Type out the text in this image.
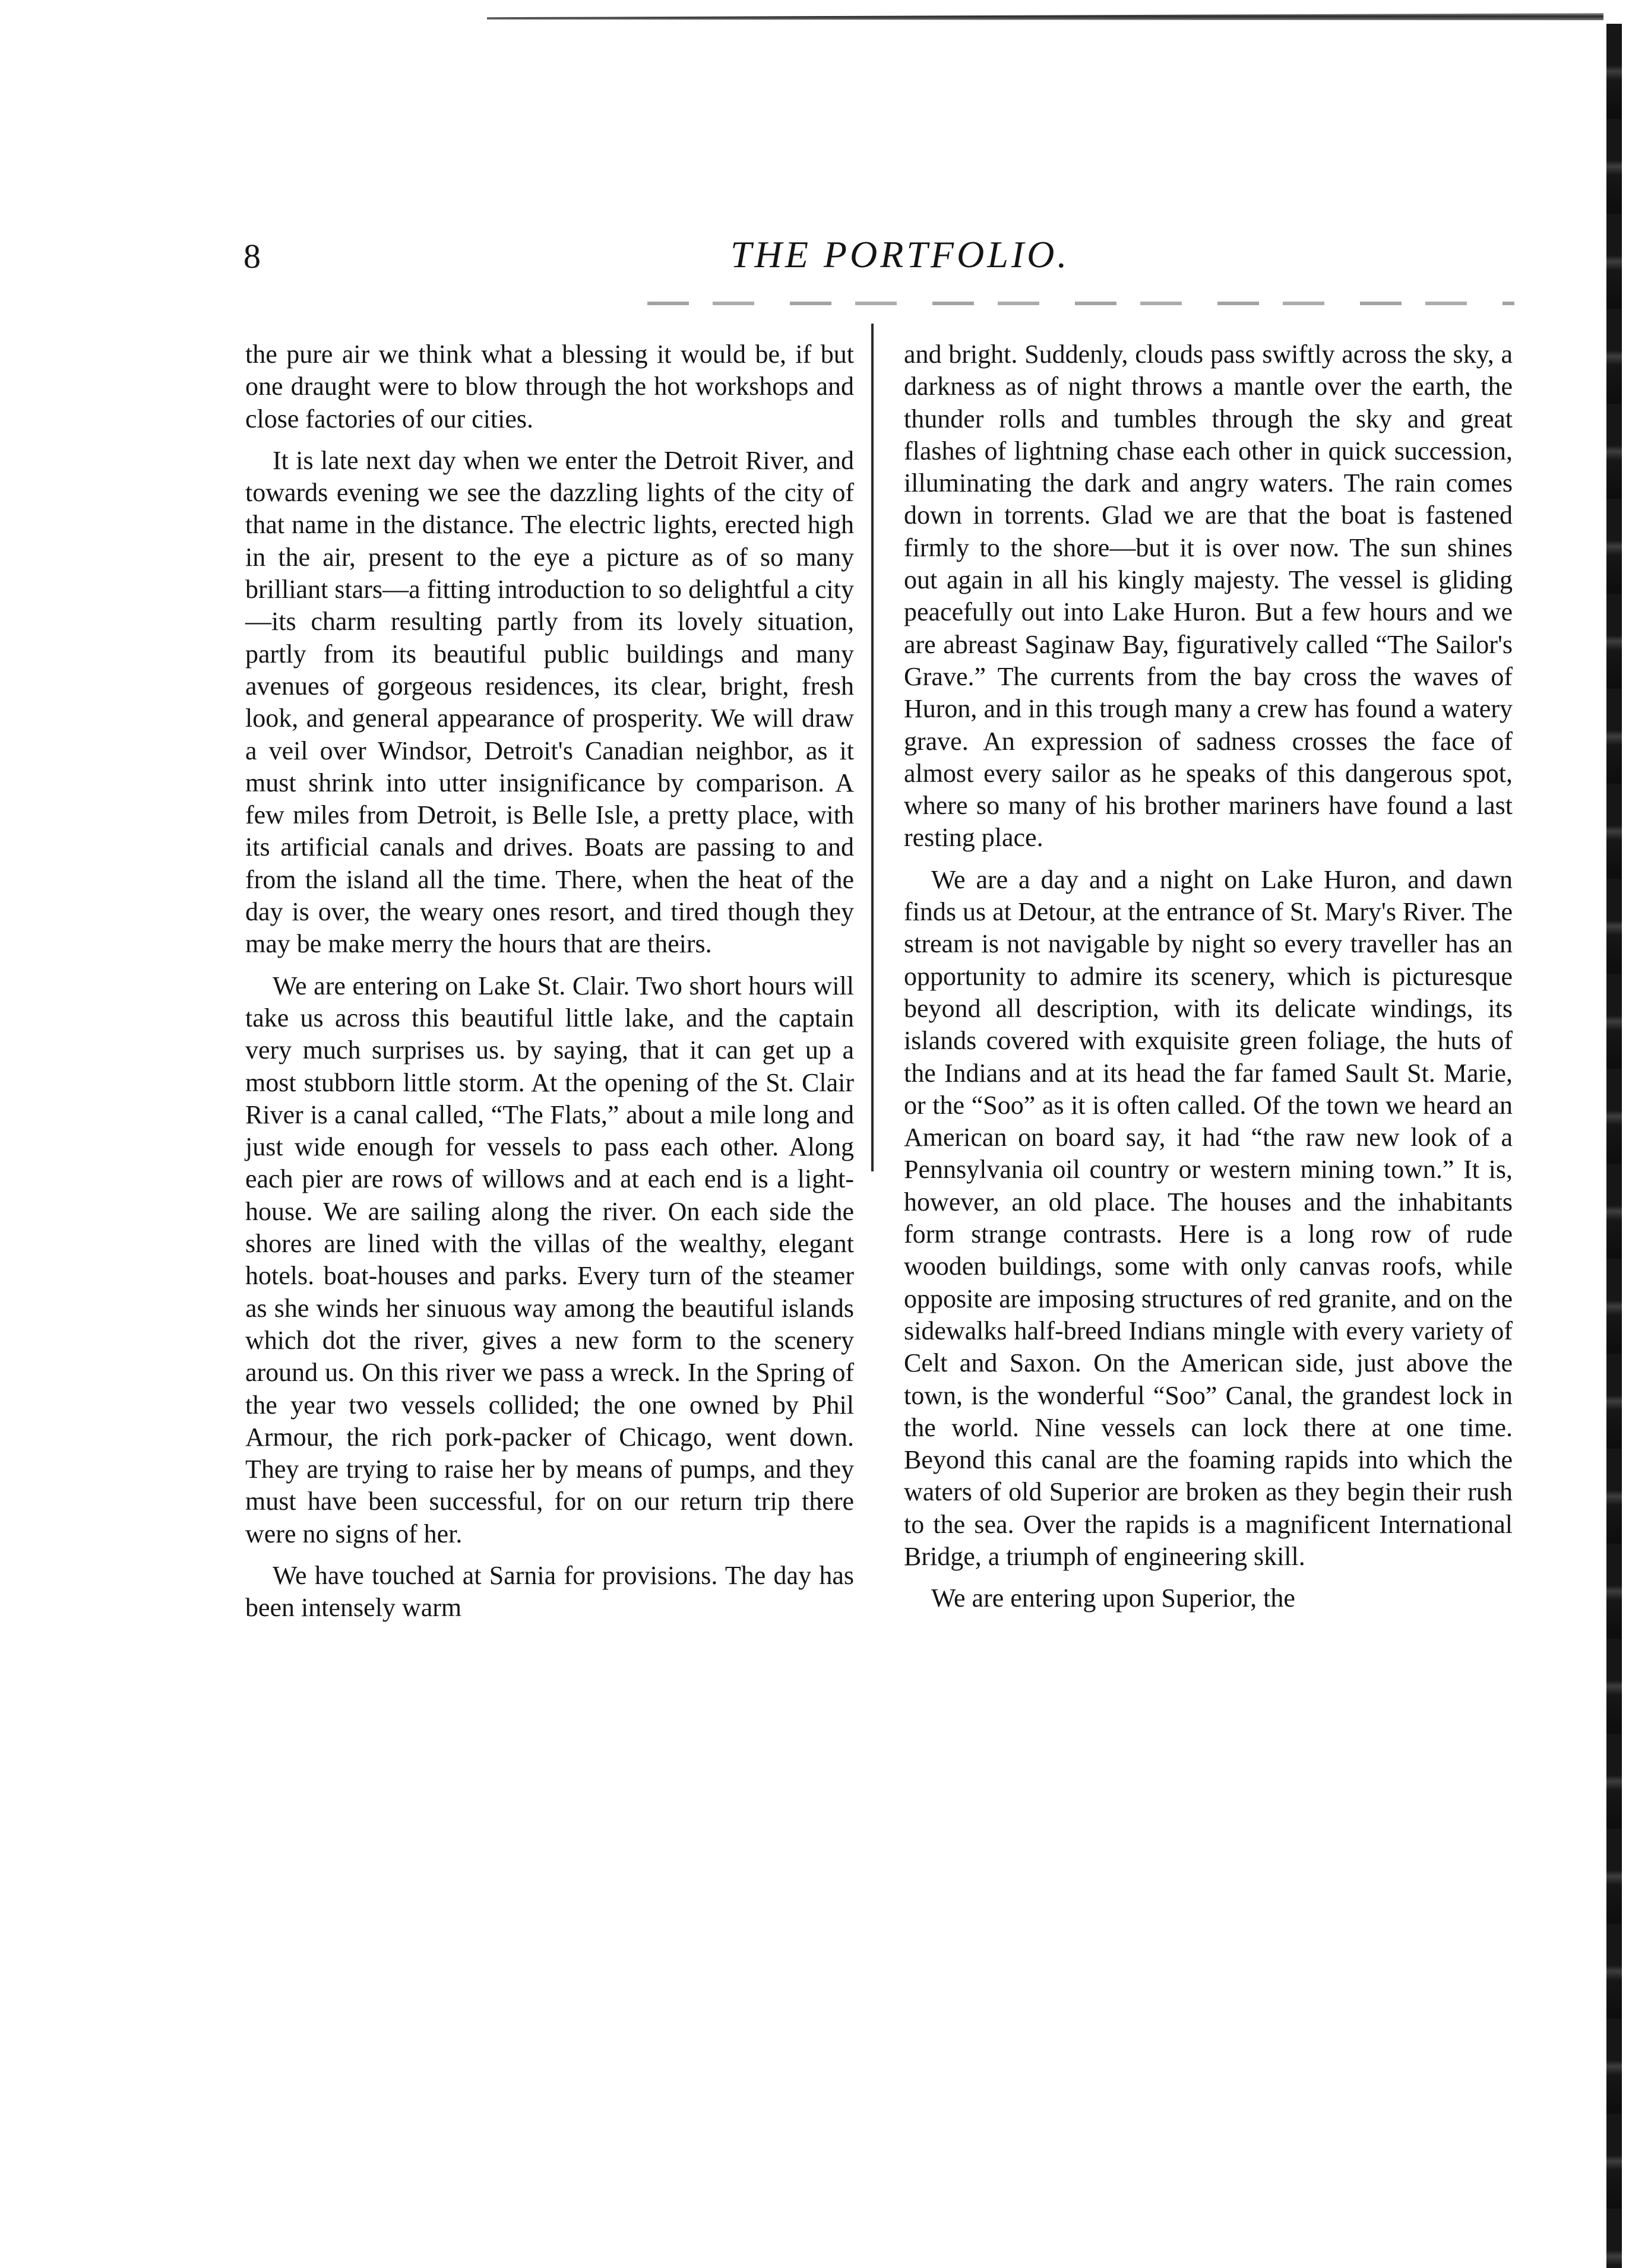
8	THE PORTFOLIO.

the pure air we think what a blessing it would be, if but one draught were to blow through the hot workshops and close factories of our cities.

It is late next day when we enter the Detroit River, and towards evening we see the dazzling lights of the city of that name in the distance. The electric lights, erected high in the air, present to the eye a picture as of so many brilliant stars—a fitting introduction to so delightful a city—its charm resulting partly from its lovely situation, partly from its beautiful public buildings and many avenues of gorgeous residences, its clear, bright, fresh look, and general appearance of prosperity. We will draw a veil over Windsor, Detroit's Canadian neighbor, as it must shrink into utter insignificance by comparison. A few miles from Detroit, is Belle Isle, a pretty place, with its artificial canals and drives. Boats are passing to and from the island all the time. There, when the heat of the day is over, the weary ones resort, and tired though they may be make merry the hours that are theirs.

We are entering on Lake St. Clair. Two short hours will take us across this beautiful little lake, and the captain very much surprises us. by saying, that it can get up a most stubborn little storm. At the opening of the St. Clair River is a canal called, “The Flats,” about a mile long and just wide enough for vessels to pass each other. Along each pier are rows of willows and at each end is a light-house. We are sailing along the river. On each side the shores are lined with the villas of the wealthy, elegant hotels. boat-houses and parks. Every turn of the steamer as she winds her sinuous way among the beautiful islands which dot the river, gives a new form to the scenery around us. On this river we pass a wreck. In the Spring of the year two vessels collided; the one owned by Phil Armour, the rich pork-packer of Chicago, went down. They are trying to raise her by means of pumps, and they must have been successful, for on our return trip there were no signs of her.

We have touched at Sarnia for provisions. The day has been intensely warm

and bright. Suddenly, clouds pass swiftly across the sky, a darkness as of night throws a mantle over the earth, the thunder rolls and tumbles through the sky and great flashes of lightning chase each other in quick succession, illuminating the dark and angry waters. The rain comes down in torrents. Glad we are that the boat is fastened firmly to the shore—but it is over now. The sun shines out again in all his kingly majesty. The vessel is gliding peacefully out into Lake Huron. But a few hours and we are abreast Saginaw Bay, figuratively called “The Sailor's Grave.” The currents from the bay cross the waves of Huron, and in this trough many a crew has found a watery grave. An expression of sadness crosses the face of almost every sailor as he speaks of this dangerous spot, where so many of his brother mariners have found a last resting place.

We are a day and a night on Lake Huron, and dawn finds us at Detour, at the entrance of St. Mary's River. The stream is not navigable by night so every traveller has an opportunity to admire its scenery, which is picturesque beyond all description, with its delicate windings, its islands covered with exquisite green foliage, the huts of the Indians and at its head the far famed Sault St. Marie, or the “Soo” as it is often called. Of the town we heard an American on board say, it had “the raw new look of a Pennsylvania oil country or western mining town.” It is, however, an old place. The houses and the inhabitants form strange contrasts. Here is a long row of rude wooden buildings, some with only canvas roofs, while opposite are imposing structures of red granite, and on the sidewalks half-breed Indians mingle with every variety of Celt and Saxon. On the American side, just above the town, is the wonderful “Soo” Canal, the grandest lock in the world. Nine vessels can lock there at one time. Beyond this canal are the foaming rapids into which the waters of old Superior are broken as they begin their rush to the sea. Over the rapids is a magnificent International Bridge, a triumph of engineering skill.

We are entering upon Superior, the
